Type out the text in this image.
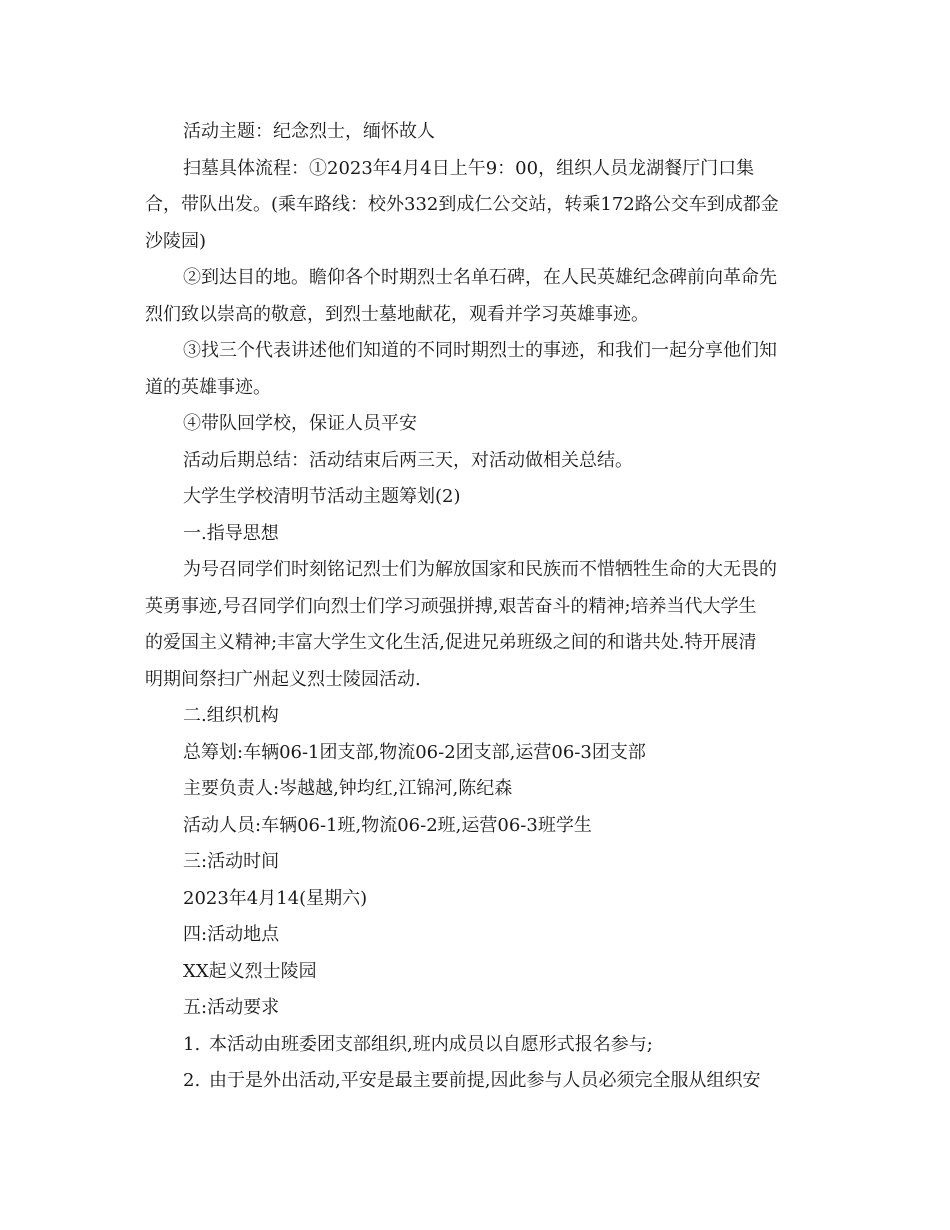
活动主题：纪念烈士，缅怀故人

扫墓具体流程：①2023年4月4日上午9：00，组织人员龙湖餐厅门口集

合，带队出发。(乘车路线：校外332到成仁公交站，转乘172路公交车到成都金

沙陵园)

②到达目的地。瞻仰各个时期烈士名单石碑，在人民英雄纪念碑前向革命先

烈们致以崇高的敬意，到烈士墓地献花，观看并学习英雄事迹。

③找三个代表讲述他们知道的不同时期烈士的事迹，和我们一起分享他们知

道的英雄事迹。

④带队回学校，保证人员平安

活动后期总结：活动结束后两三天，对活动做相关总结。

大学生学校清明节活动主题筹划(2)

一.指导思想

为号召同学们时刻铭记烈士们为解放国家和民族而不惜牺牲生命的大无畏的

英勇事迹,号召同学们向烈士们学习顽强拼搏,艰苦奋斗的精神;培养当代大学生

的爱国主义精神;丰富大学生文化生活,促进兄弟班级之间的和谐共处.特开展清

明期间祭扫广州起义烈士陵园活动.

二.组织机构

总筹划:车辆06-1团支部,物流06-2团支部,运营06-3团支部

主要负责人:岑越越,钟均红,江锦河,陈纪森

活动人员:车辆06-1班,物流06-2班,运营06-3班学生

三:活动时间

2023年4月14(星期六)

四:活动地点

XX起义烈士陵园

五:活动要求

1. 本活动由班委团支部组织,班内成员以自愿形式报名参与;

2. 由于是外出活动,平安是最主要前提,因此参与人员必须完全服从组织安
